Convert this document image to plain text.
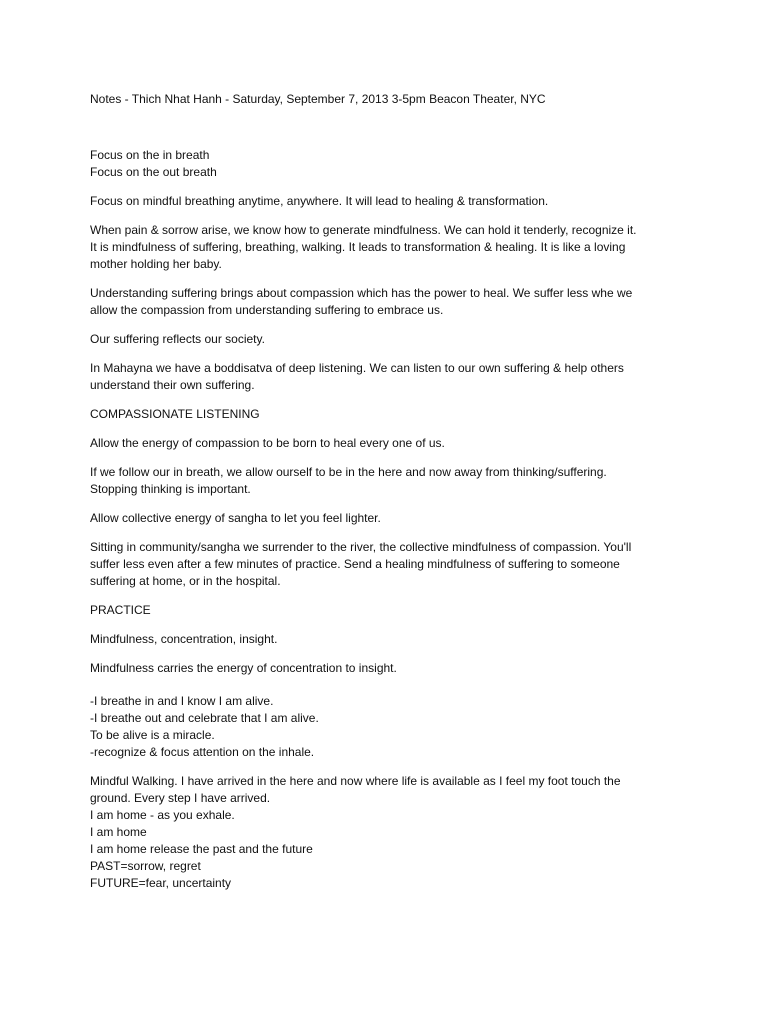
Notes - Thich Nhat Hanh - Saturday, September 7, 2013 3-5pm Beacon Theater, NYC

Focus on the in breath
Focus on the out breath

Focus on mindful breathing anytime, anywhere. It will lead to healing & transformation.

When pain & sorrow arise, we know how to generate mindfulness. We can hold it tenderly, recognize it.
It is mindfulness of suffering, breathing, walking. It leads to transformation & healing. It is like a loving
mother holding her baby.

Understanding suffering brings about compassion which has the power to heal. We suffer less whe we
allow the compassion from understanding suffering to embrace us.

Our suffering reflects our society.

In Mahayna we have a boddisatva of deep listening. We can listen to our own suffering & help others
understand their own suffering.

COMPASSIONATE LISTENING

Allow the energy of compassion to be born to heal every one of us.

If we follow our in breath, we allow ourself to be in the here and now away from thinking/suffering.
Stopping thinking is important.

Allow collective energy of sangha to let you feel lighter.

Sitting in community/sangha we surrender to the river, the collective mindfulness of compassion. You'll
suffer less even after a few minutes of practice. Send a healing mindfulness of suffering to someone
suffering at home, or in the hospital.

PRACTICE

Mindfulness, concentration, insight.

Mindfulness carries the energy of concentration to insight.

-I breathe in and I know I am alive.
-I breathe out and celebrate that I am alive.
To be alive is a miracle.
-recognize & focus attention on the inhale.

Mindful Walking. I have arrived in the here and now where life is available as I feel my foot touch the
ground. Every step I have arrived.
I am home - as you exhale.
I am home
I am home release the past and the future
PAST=sorrow, regret
FUTURE=fear, uncertainty
